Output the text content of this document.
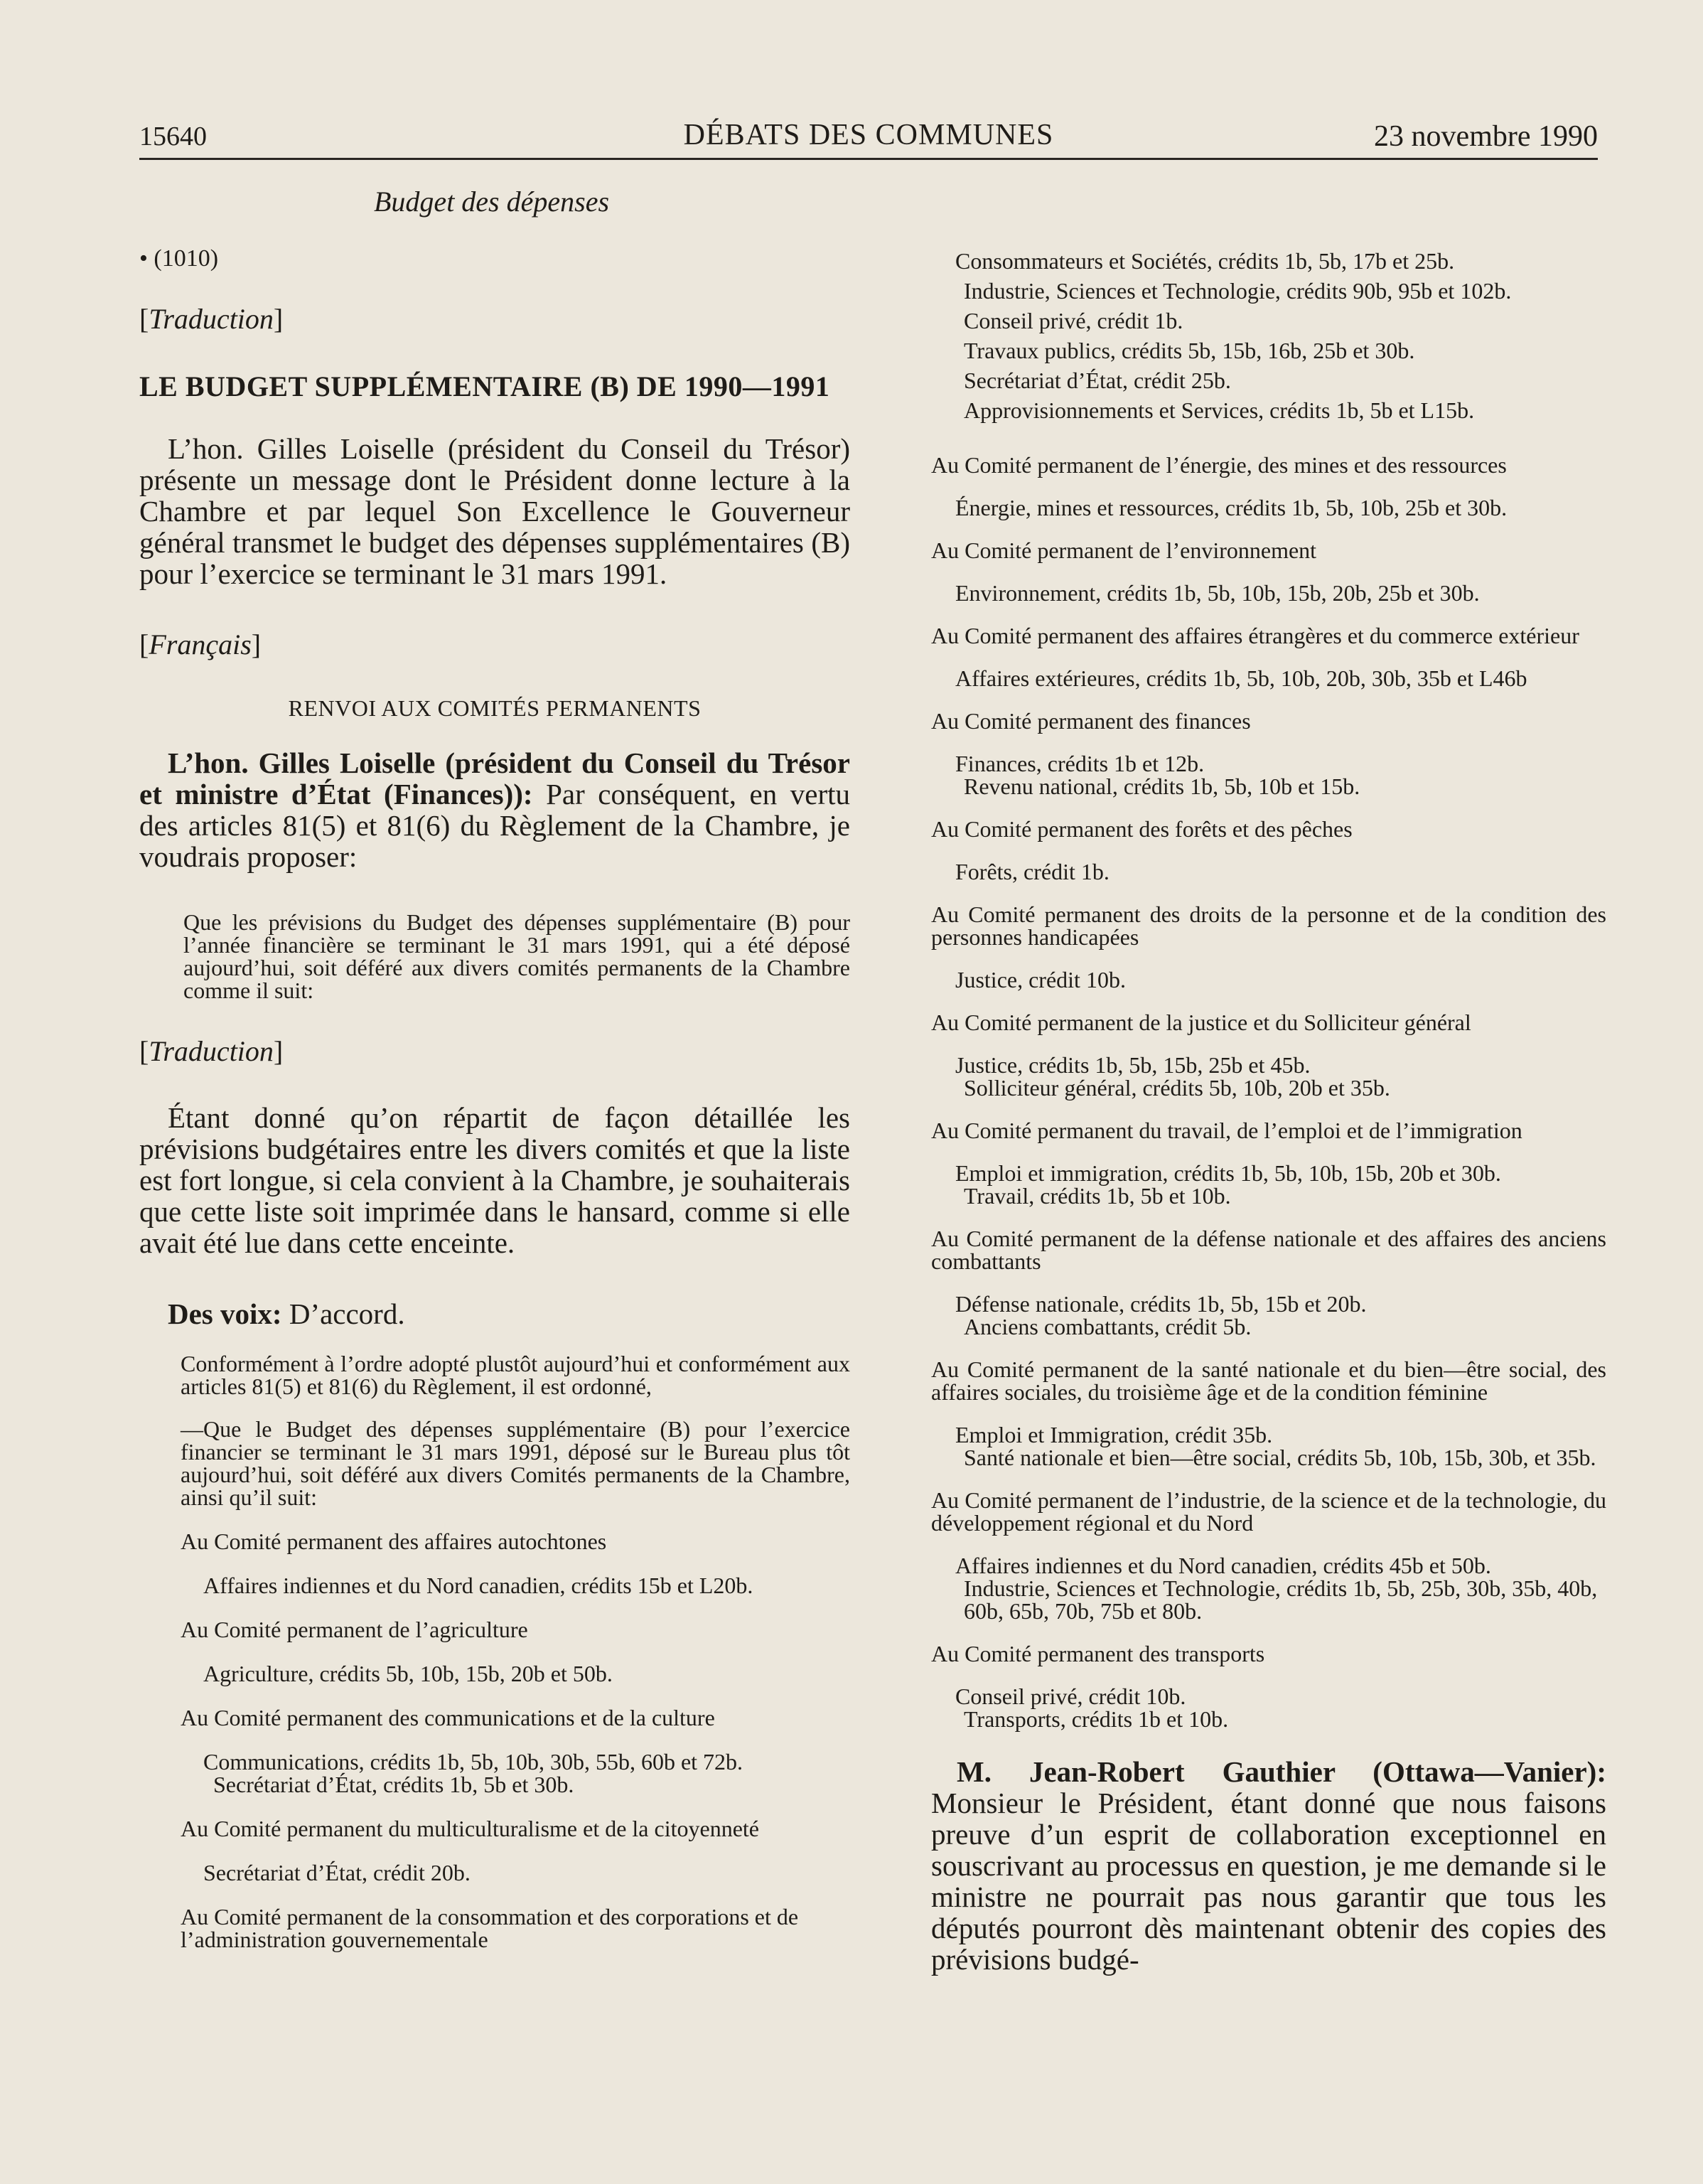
15640	DÉBATS DES COMMUNES	23 novembre 1990

Budget des dépenses

• (1010)

[Traduction]

LE BUDGET SUPPLÉMENTAIRE (B) DE 1990—1991

L’hon. Gilles Loiselle (président du Conseil du Trésor) présente un message dont le Président donne lecture à la Chambre et par lequel Son Excellence le Gouverneur général transmet le budget des dépenses supplémentaires (B) pour l’exercice se terminant le 31 mars 1991.

[Français]

RENVOI AUX COMITÉS PERMANENTS

L’hon. Gilles Loiselle (président du Conseil du Trésor et ministre d’État (Finances)): Par conséquent, en vertu des articles 81(5) et 81(6) du Règlement de la Chambre, je voudrais proposer:

Que les prévisions du Budget des dépenses supplémentaire (B) pour l’année financière se terminant le 31 mars 1991, qui a été déposé aujourd’hui, soit déféré aux divers comités permanents de la Chambre comme il suit:

[Traduction]

Étant donné qu’on répartit de façon détaillée les prévisions budgétaires entre les divers comités et que la liste est fort longue, si cela convient à la Chambre, je souhaiterais que cette liste soit imprimée dans le hansard, comme si elle avait été lue dans cette enceinte.

Des voix: D’accord.

Conformément à l’ordre adopté plustôt aujourd’hui et conformément aux articles 81(5) et 81(6) du Règlement, il est ordonné,

—Que le Budget des dépenses supplémentaire (B) pour l’exercice financier se terminant le 31 mars 1991, déposé sur le Bureau plus tôt aujourd’hui, soit déféré aux divers Comités permanents de la Chambre, ainsi qu’il suit:

Au Comité permanent des affaires autochtones

Affaires indiennes et du Nord canadien, crédits 15b et L20b.

Au Comité permanent de l’agriculture

Agriculture, crédits 5b, 10b, 15b, 20b et 50b.

Au Comité permanent des communications et de la culture

Communications, crédits 1b, 5b, 10b, 30b, 55b, 60b et 72b.
Secrétariat d’État, crédits 1b, 5b et 30b.

Au Comité permanent du multiculturalisme et de la citoyenneté

Secrétariat d’État, crédit 20b.

Au Comité permanent de la consommation et des corporations et de l’administration gouvernementale

Consommateurs et Sociétés, crédits 1b, 5b, 17b et 25b.
Industrie, Sciences et Technologie, crédits 90b, 95b et 102b.
Conseil privé, crédit 1b.
Travaux publics, crédits 5b, 15b, 16b, 25b et 30b.
Secrétariat d’État, crédit 25b.
Approvisionnements et Services, crédits 1b, 5b et L15b.

Au Comité permanent de l’énergie, des mines et des ressources

Énergie, mines et ressources, crédits 1b, 5b, 10b, 25b et 30b.

Au Comité permanent de l’environnement

Environnement, crédits 1b, 5b, 10b, 15b, 20b, 25b et 30b.

Au Comité permanent des affaires étrangères et du commerce extérieur

Affaires extérieures, crédits 1b, 5b, 10b, 20b, 30b, 35b et L46b

Au Comité permanent des finances

Finances, crédits 1b et 12b.
Revenu national, crédits 1b, 5b, 10b et 15b.

Au Comité permanent des forêts et des pêches

Forêts, crédit 1b.

Au Comité permanent des droits de la personne et de la condition des personnes handicapées

Justice, crédit 10b.

Au Comité permanent de la justice et du Solliciteur général

Justice, crédits 1b, 5b, 15b, 25b et 45b.
Solliciteur général, crédits 5b, 10b, 20b et 35b.

Au Comité permanent du travail, de l’emploi et de l’immigration

Emploi et immigration, crédits 1b, 5b, 10b, 15b, 20b et 30b.
Travail, crédits 1b, 5b et 10b.

Au Comité permanent de la défense nationale et des affaires des anciens combattants

Défense nationale, crédits 1b, 5b, 15b et 20b.
Anciens combattants, crédit 5b.

Au Comité permanent de la santé nationale et du bien—être social, des affaires sociales, du troisième âge et de la condition féminine

Emploi et Immigration, crédit 35b.
Santé nationale et bien—être social, crédits 5b, 10b, 15b, 30b, et 35b.

Au Comité permanent de l’industrie, de la science et de la technologie, du développement régional et du Nord

Affaires indiennes et du Nord canadien, crédits 45b et 50b.
Industrie, Sciences et Technologie, crédits 1b, 5b, 25b, 30b, 35b, 40b, 60b, 65b, 70b, 75b et 80b.

Au Comité permanent des transports

Conseil privé, crédit 10b.
Transports, crédits 1b et 10b.

M. Jean-Robert Gauthier (Ottawa—Vanier): Monsieur le Président, étant donné que nous faisons preuve d’un esprit de collaboration exceptionnel en souscrivant au processus en question, je me demande si le ministre ne pourrait pas nous garantir que tous les députés pourront dès maintenant obtenir des copies des prévisions budgé-
